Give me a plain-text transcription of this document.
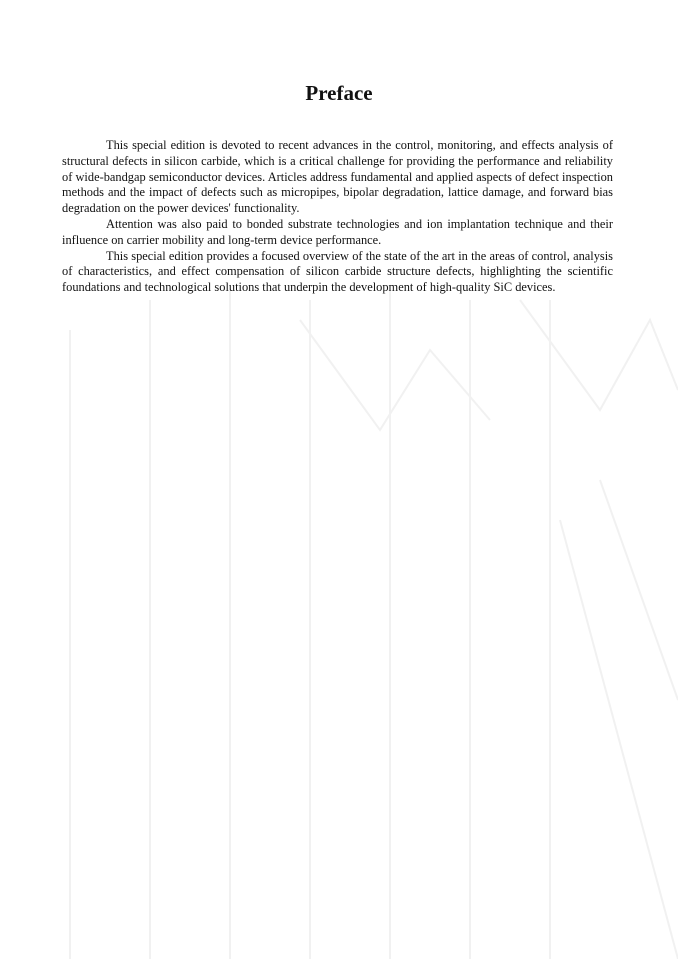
Preface

This special edition is devoted to recent advances in the control, monitoring, and effects analysis of structural defects in silicon carbide, which is a critical challenge for providing the performance and reliability of wide-bandgap semiconductor devices. Articles address fundamental and applied aspects of defect inspection methods and the impact of defects such as micropipes, bipolar degradation, lattice damage, and forward bias degradation on the power devices' functionality.

Attention was also paid to bonded substrate technologies and ion implantation technique and their influence on carrier mobility and long-term device performance.

This special edition provides a focused overview of the state of the art in the areas of control, analysis of characteristics, and effect compensation of silicon carbide structure defects, highlighting the scientific foundations and technological solutions that underpin the development of high-quality SiC devices.
